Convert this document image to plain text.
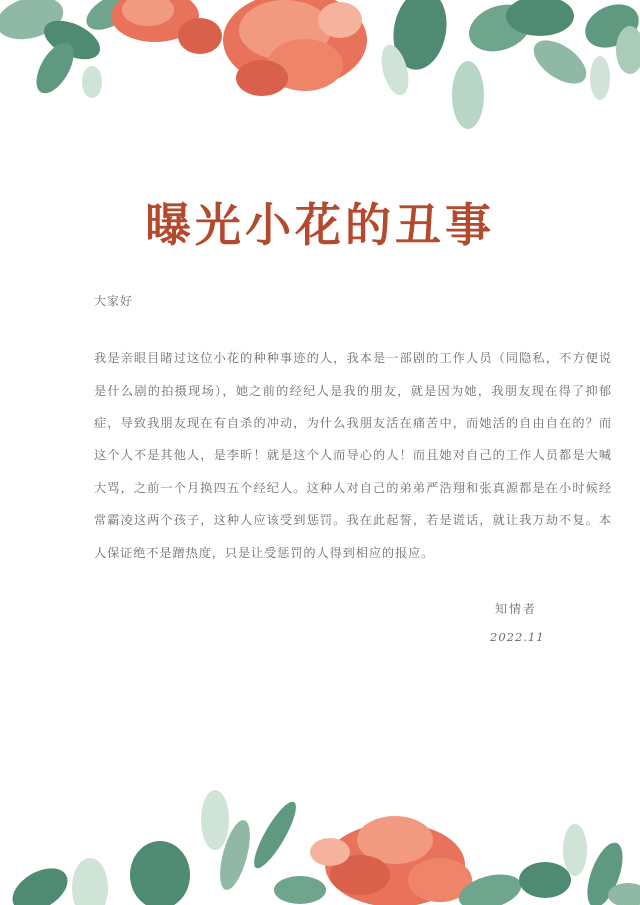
曝光小花的丑事
大家好

我是亲眼目睹过这位小花的种种事迹的人，我本是一部剧的工作人员（同隐私，不方便说是什么剧的拍摄现场），她之前的经纪人是我的朋友，就是因为她，我朋友现在得了抑郁症，导致我朋友现在有自杀的冲动，为什么我朋友活在痛苦中，而她活的自由自在的？而这个人不是其他人，是李昕！就是这个人而导心的人！而且她对自己的工作人员都是大喊大骂，之前一个月换四五个经纪人。这种人对自己的弟弟严浩翔和张真源都是在小时候经常霸凌这两个孩子，这种人应该受到惩罚。我在此起誓，若是谎话，就让我万劫不复。本人保证绝不是蹭热度，只是让受惩罚的人得到相应的报应。

知情者
2022.11
